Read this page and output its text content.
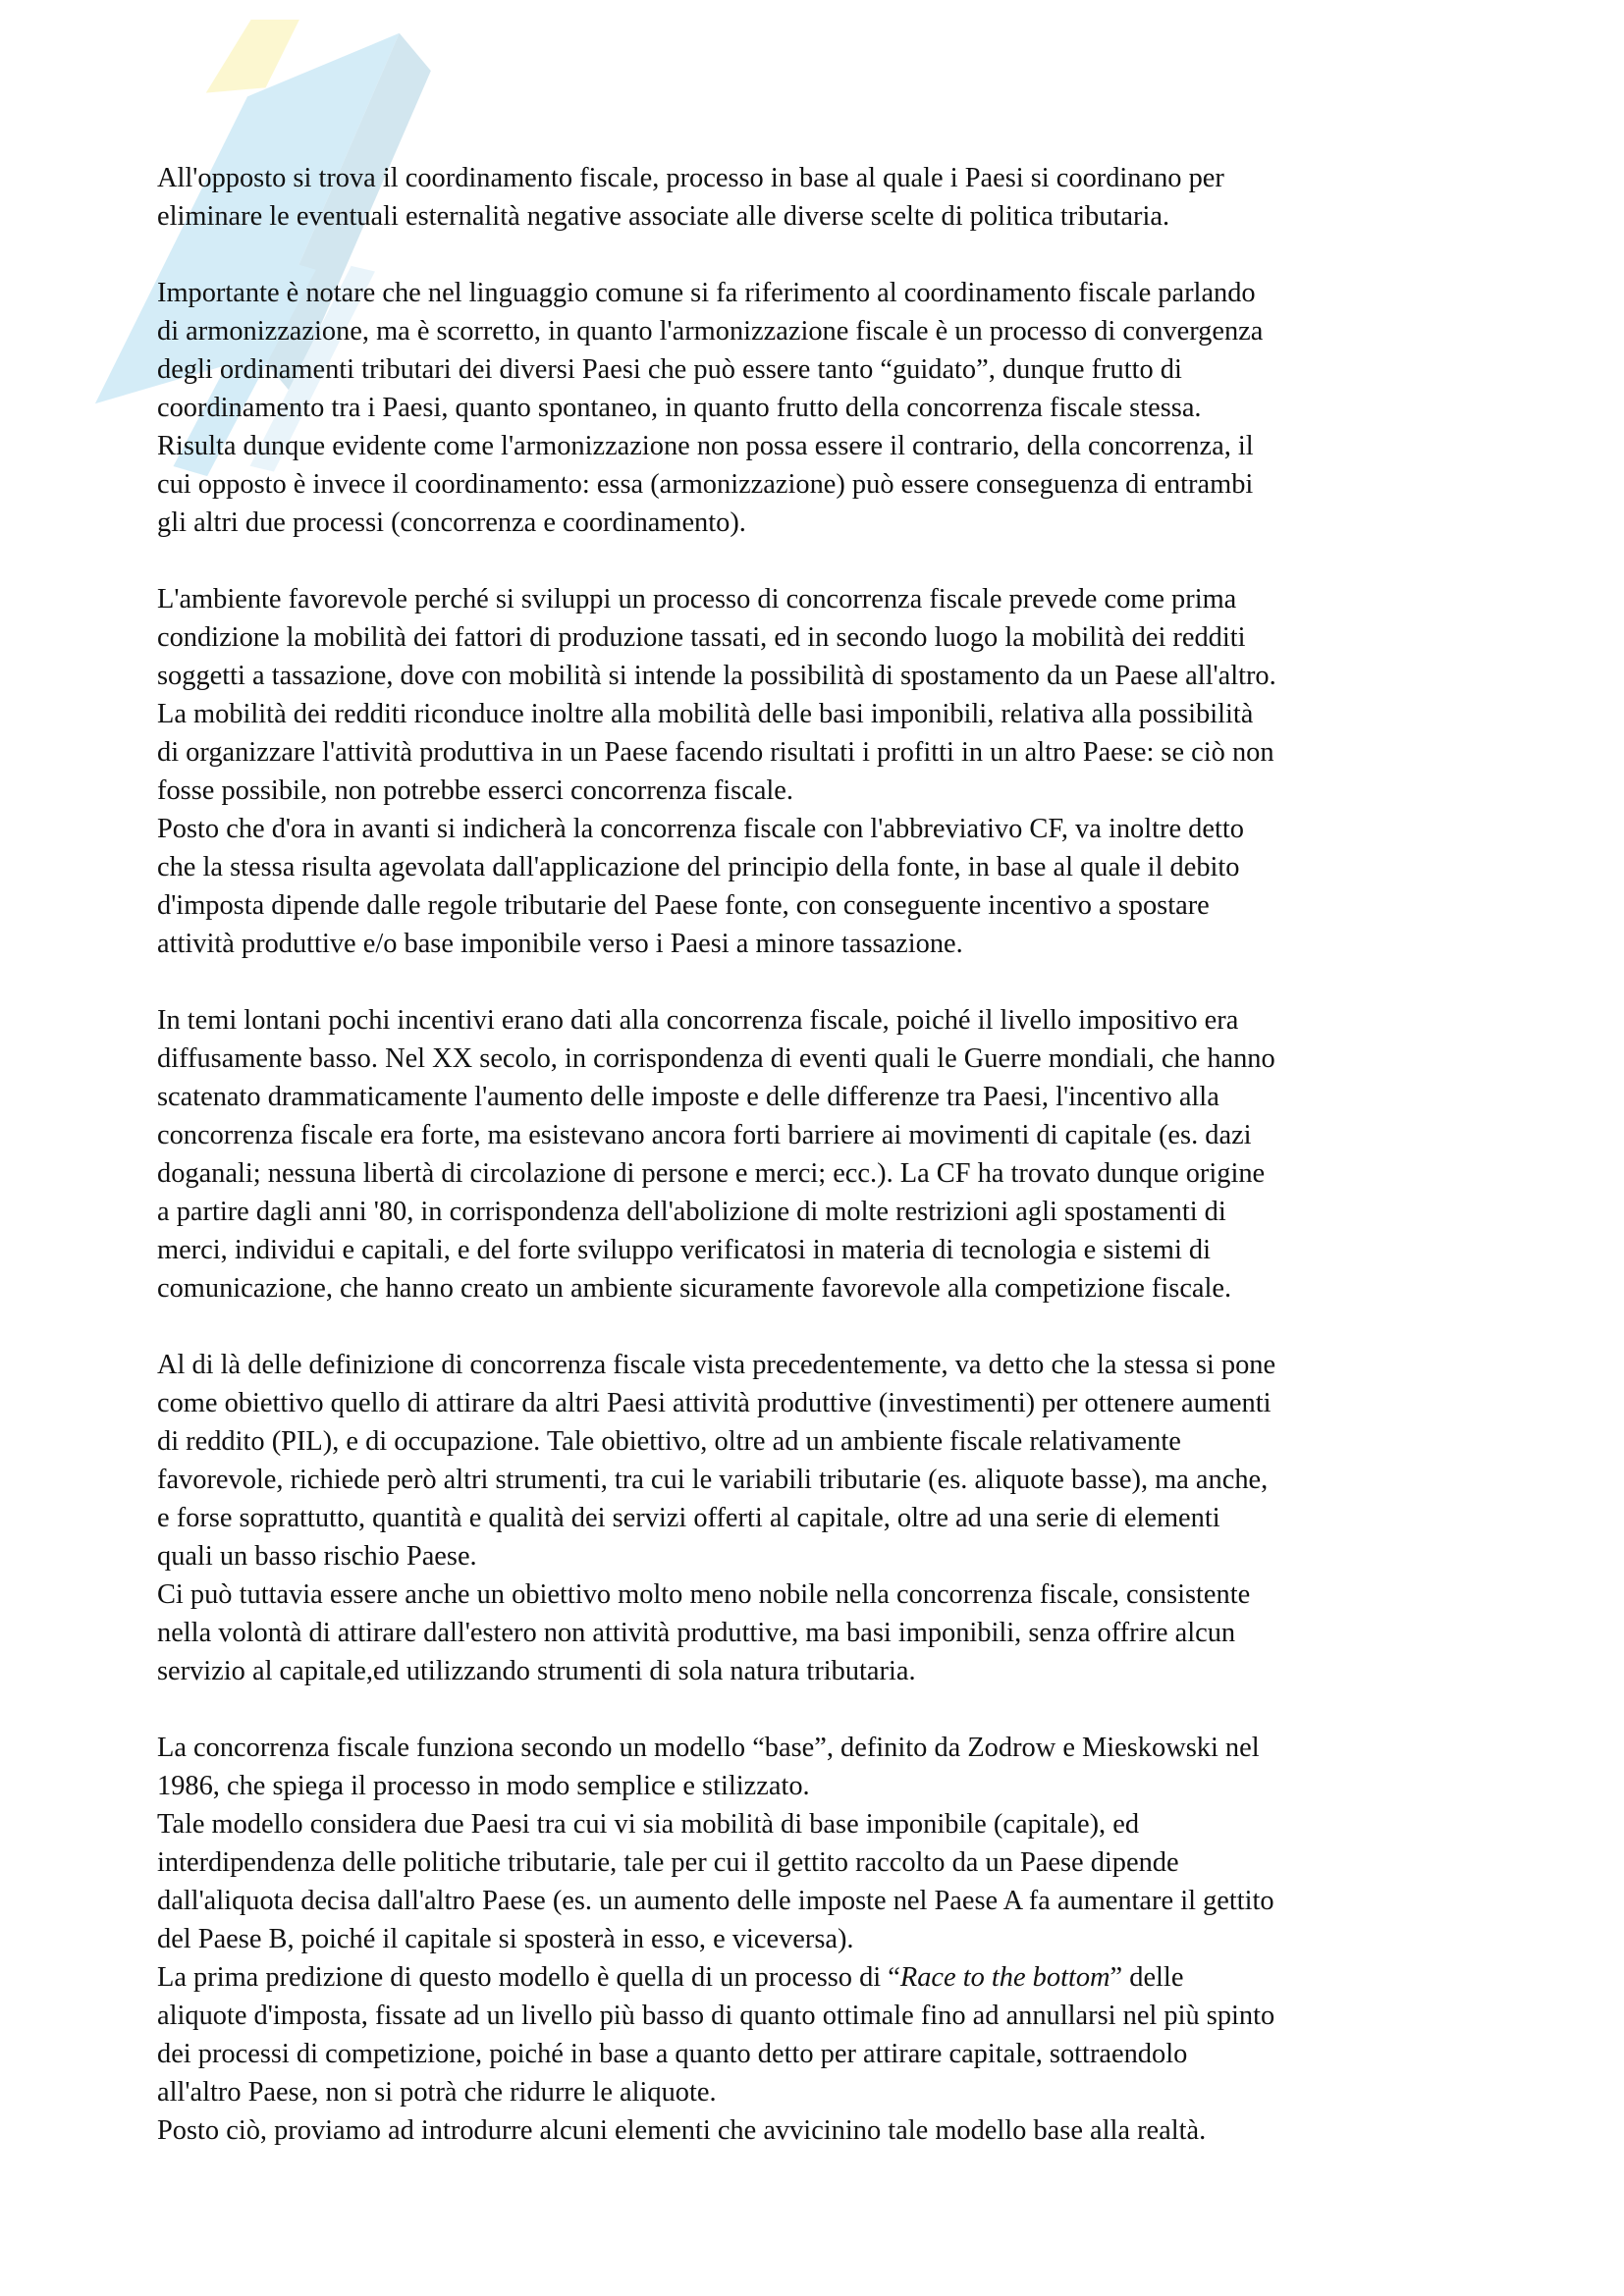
All'opposto si trova il coordinamento fiscale, processo in base al quale i Paesi si coordinano per
eliminare le eventuali esternalità negative associate alle diverse scelte di politica tributaria.
Importante è notare che nel linguaggio comune si fa riferimento al coordinamento fiscale parlando
di armonizzazione, ma è scorretto, in quanto l'armonizzazione fiscale è un processo di convergenza
degli ordinamenti tributari dei diversi Paesi che può essere tanto “guidato”, dunque frutto di
coordinamento tra i Paesi, quanto spontaneo, in quanto frutto della concorrenza fiscale stessa.
Risulta dunque evidente come l'armonizzazione non possa essere il contrario, della concorrenza, il
cui opposto è invece il coordinamento: essa (armonizzazione) può essere conseguenza di entrambi
gli altri due processi (concorrenza e coordinamento).
L'ambiente favorevole perché si sviluppi un processo di concorrenza fiscale prevede come prima
condizione la mobilità dei fattori di produzione tassati, ed in secondo luogo la mobilità dei redditi
soggetti a tassazione, dove con mobilità si intende la possibilità di spostamento da un Paese all'altro.
La mobilità dei redditi riconduce inoltre alla mobilità delle basi imponibili, relativa alla possibilità
di organizzare l'attività produttiva in un Paese facendo risultati i profitti in un altro Paese: se ciò non
fosse possibile, non potrebbe esserci concorrenza fiscale.
Posto che d'ora in avanti si indicherà la concorrenza fiscale con l'abbreviativo CF, va inoltre detto
che la stessa risulta agevolata dall'applicazione del principio della fonte, in base al quale il debito
d'imposta dipende dalle regole tributarie del Paese fonte, con conseguente incentivo a spostare
attività produttive e/o base imponibile verso i Paesi a minore tassazione.
In temi lontani pochi incentivi erano dati alla concorrenza fiscale, poiché il livello impositivo era
diffusamente basso. Nel XX secolo, in corrispondenza di eventi quali le Guerre mondiali, che hanno
scatenato drammaticamente l'aumento delle imposte e delle differenze tra Paesi, l'incentivo alla
concorrenza fiscale era forte, ma esistevano ancora forti barriere ai movimenti di capitale (es. dazi
doganali; nessuna libertà di circolazione di persone e merci; ecc.). La CF ha trovato dunque origine
a partire dagli anni '80, in corrispondenza dell'abolizione di molte restrizioni agli spostamenti di
merci, individui e capitali, e del forte sviluppo verificatosi in materia di tecnologia e sistemi di
comunicazione, che hanno creato un ambiente sicuramente favorevole alla competizione fiscale.
Al di là delle definizione di concorrenza fiscale vista precedentemente, va detto che la stessa si pone
come obiettivo quello di attirare da altri Paesi attività produttive (investimenti) per ottenere aumenti
di reddito (PIL), e di occupazione. Tale obiettivo, oltre ad un ambiente fiscale relativamente
favorevole, richiede però altri strumenti, tra cui le variabili tributarie (es. aliquote basse), ma anche,
e forse soprattutto, quantità e qualità dei servizi offerti al capitale, oltre ad una serie di elementi
quali un basso rischio Paese.
Ci può tuttavia essere anche un obiettivo molto meno nobile nella concorrenza fiscale, consistente
nella volontà di attirare dall'estero non attività produttive, ma basi imponibili, senza offrire alcun
servizio al capitale,ed utilizzando strumenti di sola natura tributaria.
La concorrenza fiscale funziona secondo un modello “base”, definito da Zodrow e Mieskowski nel
1986, che spiega il processo in modo semplice e stilizzato.
Tale modello considera due Paesi tra cui vi sia mobilità di base imponibile (capitale), ed
interdipendenza delle politiche tributarie, tale per cui il gettito raccolto da un Paese dipende
dall'aliquota decisa dall'altro Paese (es. un aumento delle imposte nel Paese A fa aumentare il gettito
del Paese B, poiché il capitale si sposterà in esso, e viceversa).
La prima predizione di questo modello è quella di un processo di “Race to the bottom” delle
aliquote d'imposta, fissate ad un livello più basso di quanto ottimale fino ad annullarsi nel più spinto
dei processi di competizione, poiché in base a quanto detto per attirare capitale, sottraendolo
all'altro Paese, non si potrà che ridurre le aliquote.
Posto ciò, proviamo ad introdurre alcuni elementi che avvicinino tale modello base alla realtà.
